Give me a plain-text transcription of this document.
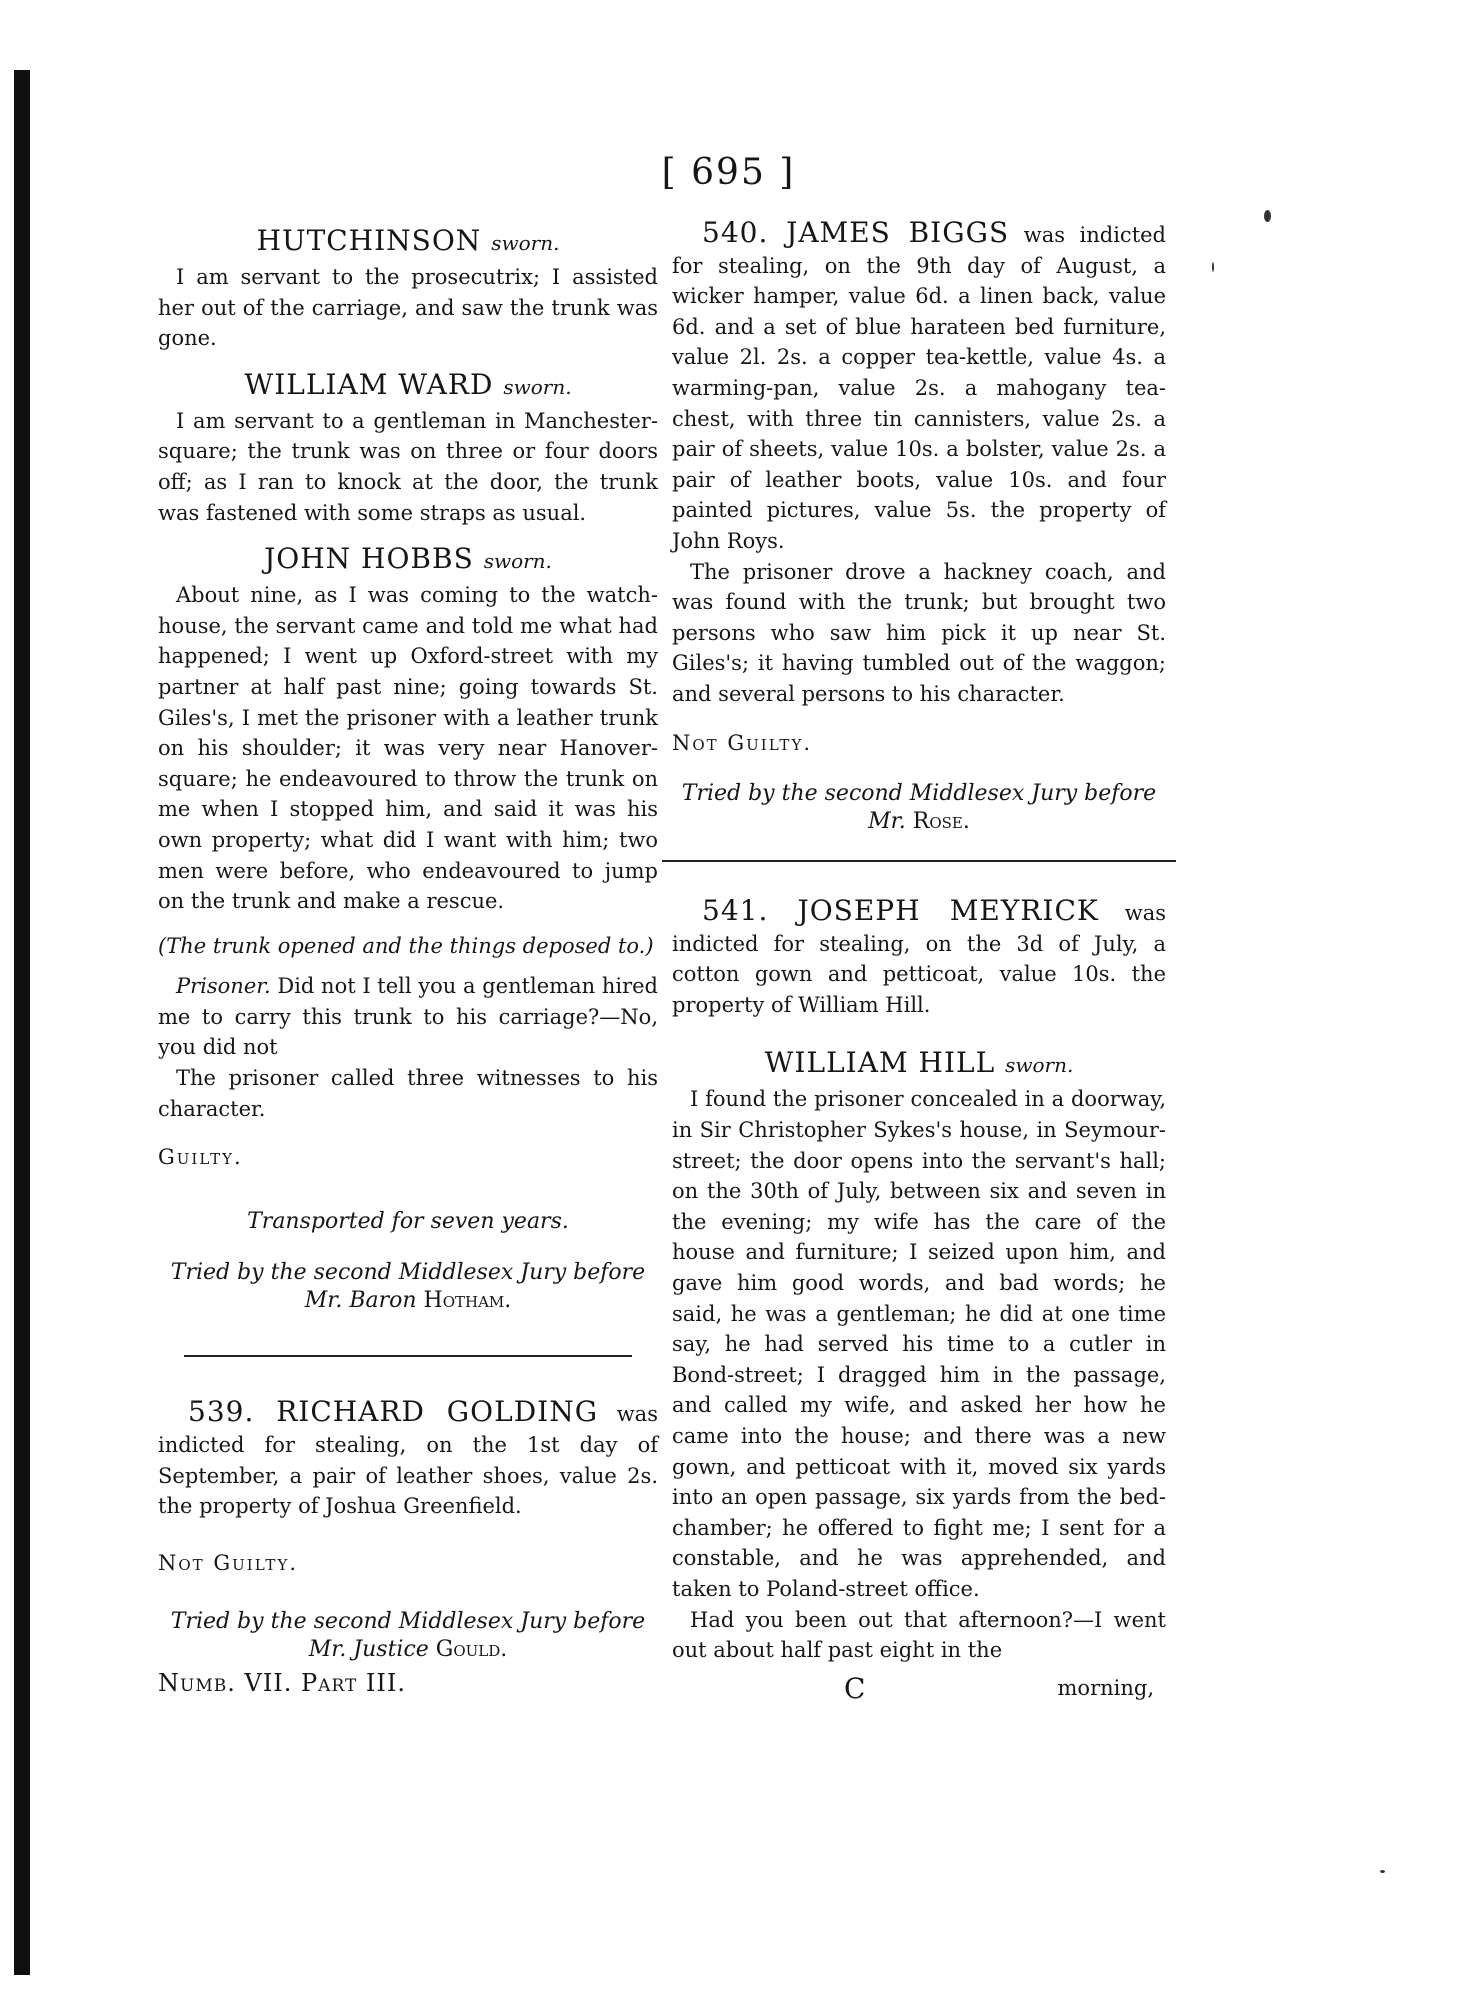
[ 695 ]
HUTCHINSON sworn.

I am servant to the prosecutrix; I assisted her out of the carriage, and saw the trunk was gone.

WILLIAM WARD sworn.

I am servant to a gentleman in Manchester-square; the trunk was on three or four doors off; as I ran to knock at the door, the trunk was fastened with some straps as usual.

JOHN HOBBS sworn.

About nine, as I was coming to the watch-house, the servant came and told me what had happened; I went up Oxford-street with my partner at half past nine; going towards St. Giles's, I met the prisoner with a leather trunk on his shoulder; it was very near Hanover-square; he endeavoured to throw the trunk on me when I stopped him, and said it was his own property; what did I want with him; two men were before, who endeavoured to jump on the trunk and make a rescue.

(The trunk opened and the things deposed to.)

Prisoner. Did not I tell you a gentleman hired me to carry this trunk to his carriage?—No, you did not

The prisoner called three witnesses to his character.

Guilty.

Transported for seven years.

Tried by the second Middlesex Jury before
Mr. Baron Hotham.

539. RICHARD GOLDING was indicted for stealing, on the 1st day of September, a pair of leather shoes, value 2s. the property of Joshua Greenfield.

Not Guilty.

Tried by the second Middlesex Jury before
Mr. Justice Gould.

Numb. VII. Part III.

540. JAMES BIGGS was indicted for stealing, on the 9th day of August, a wicker hamper, value 6d. a linen back, value 6d. and a set of blue harateen bed furniture, value 2l. 2s. a copper tea-kettle, value 4s. a warming-pan, value 2s. a mahogany tea-chest, with three tin cannisters, value 2s. a pair of sheets, value 10s. a bolster, value 2s. a pair of leather boots, value 10s. and four painted pictures, value 5s. the property of John Roys.

The prisoner drove a hackney coach, and was found with the trunk; but brought two persons who saw him pick it up near St. Giles's; it having tumbled out of the waggon; and several persons to his character.

Not Guilty.

Tried by the second Middlesex Jury before
Mr. Rose.

541. JOSEPH MEYRICK was indicted for stealing, on the 3d of July, a cotton gown and petticoat, value 10s. the property of William Hill.

WILLIAM HILL sworn.

I found the prisoner concealed in a doorway, in Sir Christopher Sykes's house, in Seymour-street; the door opens into the servant's hall; on the 30th of July, between six and seven in the evening; my wife has the care of the house and furniture; I seized upon him, and gave him good words, and bad words; he said, he was a gentleman; he did at one time say, he had served his time to a cutler in Bond-street; I dragged him in the passage, and called my wife, and asked her how he came into the house; and there was a new gown, and petticoat with it, moved six yards into an open passage, six yards from the bed-chamber; he offered to fight me; I sent for a constable, and he was apprehended, and taken to Poland-street office.

Had you been out that afternoon?—I went out about half past eight in the

C	morning,
